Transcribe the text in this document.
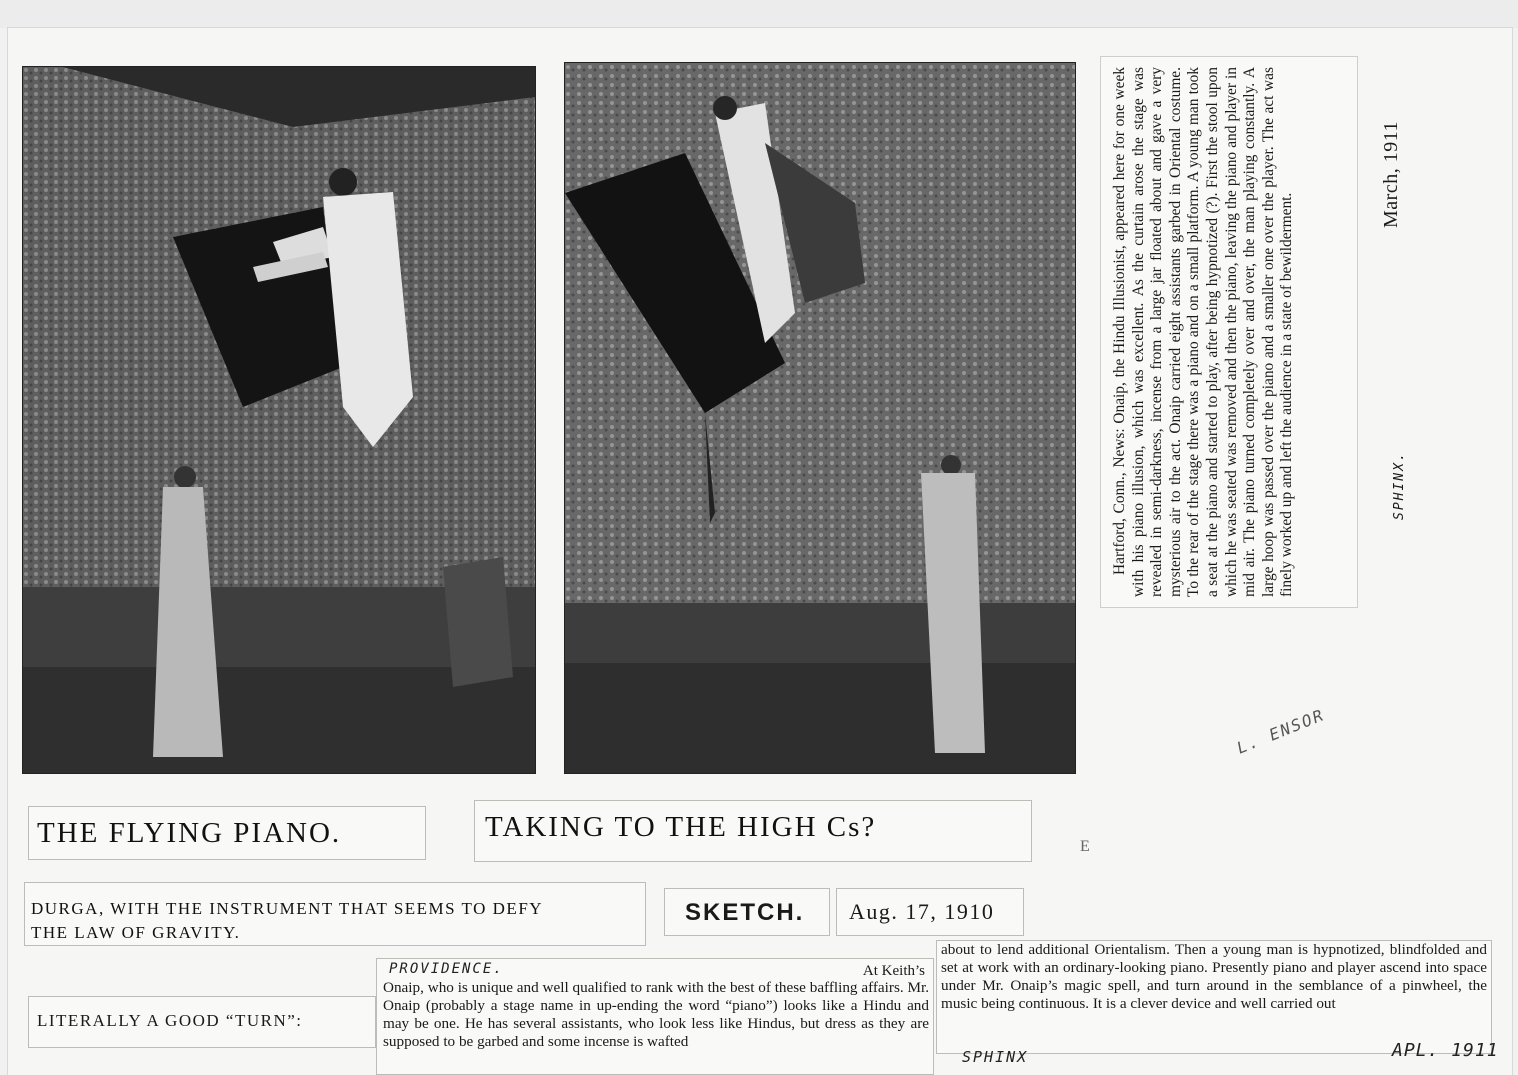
Hartford, Conn., News: Onaip, the Hindu Illusionist, appeared here for one week with his piano illusion, which was excellent. As the curtain arose the stage was revealed in semi-darkness, incense from a large jar floated about and gave a very mysterious air to the act. Onaip carried eight assistants garbed in Oriental costume. To the rear of the stage there was a piano and on a small platform. A young man took a seat at the piano and started to play, after being hypnotized (?). First the stool upon which he was seated was removed and then the piano, leaving the piano and player in mid air. The piano turned completely over and over, the man playing constantly. A large hoop was passed over the piano and a smaller one over the player. The act was finely worked up and left the audience in a state of bewilderment.
March, 1911
SPHINX.
L. ENSOR
E
THE FLYING PIANO.	TAKING TO THE HIGH Cs?
DURGA, WITH THE INSTRUMENT THAT SEEMS TO DEFY
THE LAW OF GRAVITY.
SKETCH. Aug. 17, 1910
LITERALLY A GOOD “TURN”:
PROVIDENCE.	At Keith’s
Onaip, who is unique and well qualified to rank with the best of these baffling affairs. Mr. Onaip (probably a stage name in up-ending the word “piano”) looks like a Hindu and may be one. He has several assistants, who look less like Hindus, but dress as they are supposed to be garbed and some incense is wafted
about to lend additional Orientalism. Then a young man is hypnotized, blindfolded and set at work with an ordinary-looking piano. Presently piano and player ascend into space under Mr. Onaip’s magic spell, and turn around in the semblance of a pinwheel, the music being continuous. It is a clever device and well carried out
SPHINX	APL. 1911
